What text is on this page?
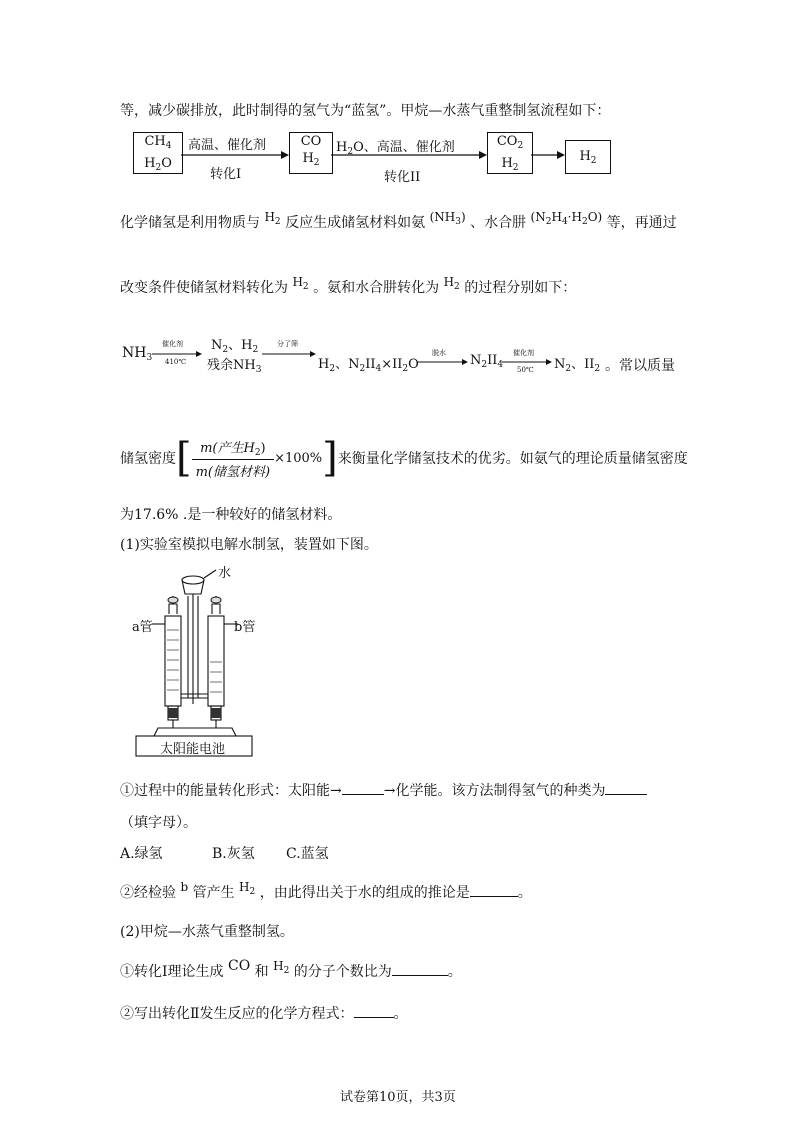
等，减少碳排放，此时制得的氢气为“蓝氢”。甲烷—水蒸气重整制氢流程如下：
$CH_4$
$H_2O$
高温、催化剂
转化I
CO
$H_2$
$H_2O$、高温、催化剂
转化II
$CO_2$
$H_2$
$H_2$
化学储氢是利用物质与 $H_2$ 反应生成储氢材料如氨 $(NH_3)$ 、水合肼 $(N_2H_4\cdot H_2O)$ 等，再通过
改变条件使储氢材料转化为 $H_2$ 。氨和水合肼转化为 $H_2$ 的过程分别如下：
$NH_3$ →
催化剂
410℃
$N_2$、$H_2$
残余$NH_3$
分了筛
$H_2$、$N_2II_4\times II_2O$ →
脱水 $N_2II_4$
催化剂
50℃ $N_2$、$II_2$ 。常以质量
储氢密度[ $\frac{m(产生H_2)}{\text{m(储氢材料)}} \times 100\%$]来衡量化学储氢技术的优劣。如氨气的理论质量储氢密度
为17.6% .是一种较好的储氢材料。
(1)实验室模拟电解水制氢，装置如下图。
水
a管	b管
太阳能电池
①过程中的能量转化形式：太阳能→	→化学能。该方法制得氢气的种类为
（填字母）。
A.绿氢	B.灰氢 C.蓝氢
②经检验 b 管产生 $H_2$ ，由此得出关于水的组成的推论是	。
(2)甲烷—水蒸气重整制氢。
①转化Ⅰ理论生成 CO 和 $H_2$ 的分子个数比为	。
②写出转化Ⅱ发生反应的化学方程式：	。
试卷第10页，共3页
